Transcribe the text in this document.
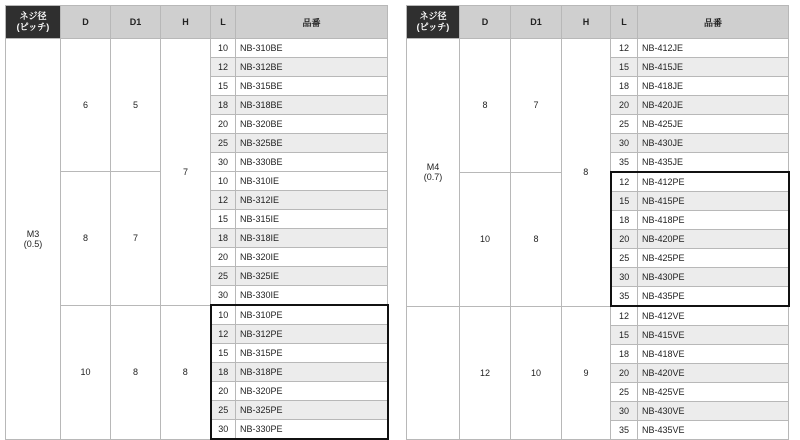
ネジ径
(ピッチ)	D	D1	H	L	品番

M3
(0.5)	6	5	7	10	NB-310BE
				12	NB-312BE
				15	NB-315BE
				18	NB-318BE
				20	NB-320BE
				25	NB-325BE
				30	NB-330BE
	8	7		10	NB-310IE
				12	NB-312IE
				15	NB-315IE
				18	NB-318IE
				20	NB-320IE
				25	NB-325IE
				30	NB-330IE
	10	8	8	10	NB-310PE
				12	NB-312PE
				15	NB-315PE
				18	NB-318PE
				20	NB-320PE
				25	NB-325PE
				30	NB-330PE
ネジ径
(ピッチ)	D	D1	H	L	品番

M4
(0.7)	8	7	8	12	NB-412JE
				15	NB-415JE
				18	NB-418JE
				20	NB-420JE
				25	NB-425JE
				30	NB-430JE
				35	NB-435JE
	10	8		12	NB-412PE
				15	NB-415PE
				18	NB-418PE
				20	NB-420PE
				25	NB-425PE
				30	NB-430PE
				35	NB-435PE
	12	10	9	12	NB-412VE
				15	NB-415VE
				18	NB-418VE
				20	NB-420VE
				25	NB-425VE
				30	NB-430VE
				35	NB-435VE
